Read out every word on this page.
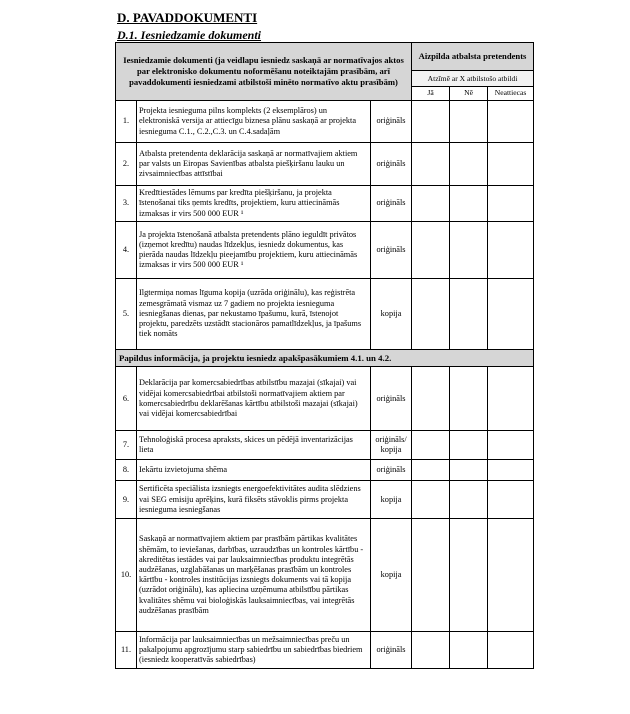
D. PAVADDOKUMENTI
D.1. Iesniedzamie dokumenti
Iesniedzamie dokumenti (ja veidlapu iesniedz saskaņā ar normatīvajos aktos par elektronisko dokumentu noformēšanu noteiktajām prasībām, arī pavaddokumenti iesniedzami atbilstoši minēto normatīvo aktu prasībām)			Aizpilda atbalsta pretendents		
			Atzīmē ar X atbilstošo atbildi		
			Jā	Nē	Neattiecas
1.	Projekta iesnieguma pilns komplekts (2 eksemplāros) un elektroniskā versija ar attiecīgu biznesa plānu saskaņā ar projekta iesnieguma C.1., C.2.,C.3. un C.4.sadaļām	oriģināls			
2.	Atbalsta pretendenta deklarācija saskaņā ar normatīvajiem aktiem par valsts un Eiropas Savienības atbalsta piešķiršanu lauku un zivsaimniecības attīstībai	oriģināls			
3.	Kredītiestādes lēmums par kredīta piešķiršanu, ja projekta īstenošanai tiks ņemts kredīts, projektiem, kuru attiecināmās izmaksas ir virs 500 000 EUR ¹	oriģināls			
4.	Ja projekta īstenošanā atbalsta pretendents plāno ieguldīt privātos (izņemot kredītu) naudas līdzekļus, iesniedz dokumentus, kas pierāda naudas līdzekļu pieejamību projektiem, kuru attiecināmās izmaksas ir virs 500 000 EUR ¹	oriģināls			
5.	Ilgtermiņa nomas līguma kopija (uzrāda oriģinālu), kas reģistrēta zemesgrāmatā vismaz uz 7 gadiem no projekta iesnieguma iesniegšanas dienas, par nekustamo īpašumu, kurā, īstenojot projektu, paredzēts uzstādīt stacionāros pamatlīdzekļus, ja īpašums tiek nomāts	kopija			
Papildus informācija, ja projektu iesniedz apakšpasākumiem 4.1. un 4.2.					
6.	Deklarācija par komercsabiedrības atbilstību mazajai (sīkajai) vai vidējai komercsabiedrībai atbilstoši normatīvajiem aktiem par komercsabiedrību deklarēšanas kārtību atbilstoši mazajai (sīkajai) vai vidējai komercsabiedrībai	oriģināls			
7.	Tehnoloģiskā procesa apraksts, skices un pēdējā inventarizācijas lieta	oriģināls/ kopija			
8.	Iekārtu izvietojuma shēma	oriģināls			
9.	Sertificēta speciālista izsniegts energoefektivitātes audita slēdziens vai SEG emisiju aprēķins, kurā fiksēts stāvoklis pirms projekta iesnieguma iesniegšanas	kopija			
10.	Saskaņā ar normatīvajiem aktiem par prasībām pārtikas kvalitātes shēmām, to ieviešanas, darbības, uzraudzības un kontroles kārtību - akreditētas iestādes vai par lauksaimniecības produktu integrētās audzēšanas, uzglabāšanas un marķēšanas prasībām un kontroles kārtību - kontroles institūcijas izsniegts dokuments vai tā kopija (uzrādot oriģinālu), kas apliecina uzņēmuma atbilstību pārtikas kvalitātes shēmu vai bioloģiskās lauksaimniecības, vai integrētās audzēšanas prasībām	kopija			
11.	Informācija par lauksaimniecības un mežsaimniecības preču un pakalpojumu apgrozījumu starp sabiedrību un sabiedrības biedriem (iesniedz kooperatīvās sabiedrības)	oriģināls			
